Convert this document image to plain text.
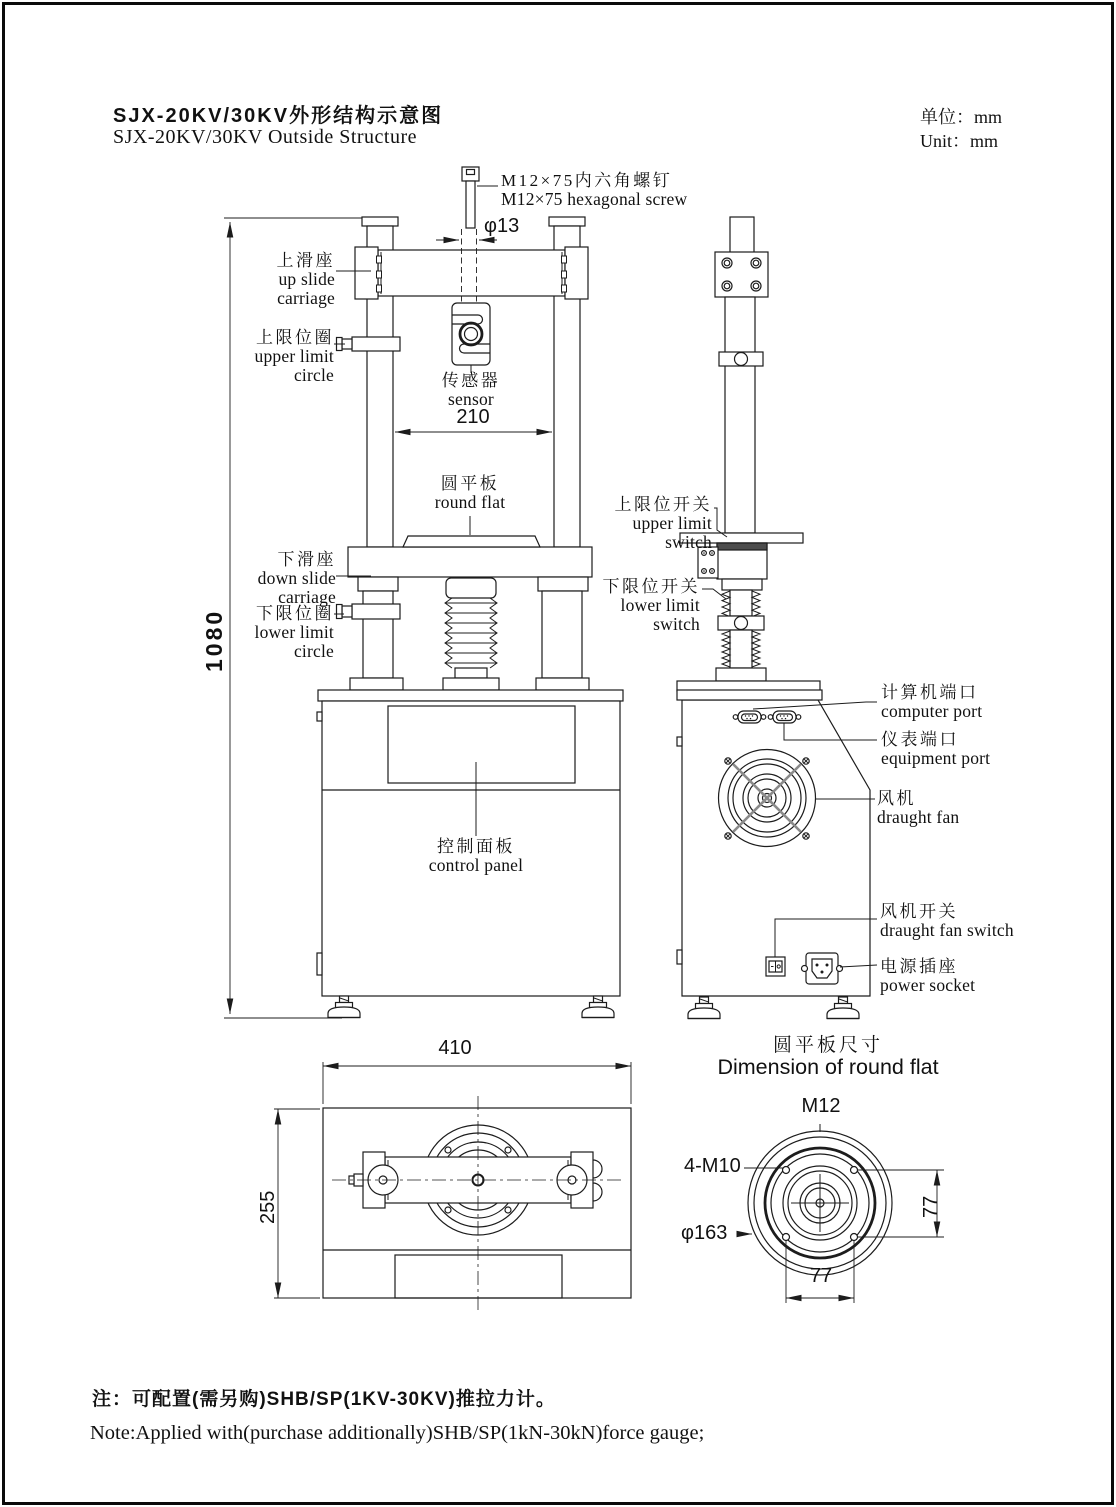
SJX-20KV/30KV外形结构示意图
SJX-20KV/30KV Outside Structure
单位：mm
Unit：mm
M12×75内六角螺钉
M12×75 hexagonal screw
φ13
上滑座
up slide
carriage
上限位圈
upper limit
circle	传感器
sensor
210
圆平板
round flat
1080
上限位开关
upper limit
switch
下限位开关
lower limit
switch
下滑座
down slide
carriage
下限位圈
lower limit
circle
控制面板
control panel
计算机端口
computer port
仪表端口
equipment port
风机
draught fan
风机开关
draught fan switch
电源插座
power socket
410
255
圆平板尺寸
Dimension of round flat
M12
4-M10
φ163
77
77
注：可配置(需另购)SHB/SP(1KV-30KV)推拉力计。
Note:Applied with(purchase additionally)SHB/SP(1kN-30kN)force gauge;
